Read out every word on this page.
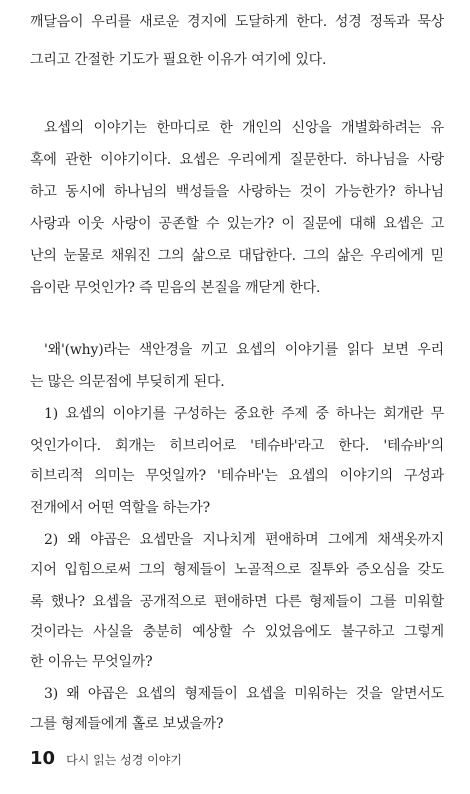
깨달음이 우리를 새로운 경지에 도달하게 한다. 성경 정독과 묵상
그리고 간절한 기도가 필요한 이유가 여기에 있다.
요셉의 이야기는 한마디로 한 개인의 신앙을 개별화하려는 유
혹에 관한 이야기이다. 요셉은 우리에게 질문한다. 하나님을 사랑
하고 동시에 하나님의 백성들을 사랑하는 것이 가능한가? 하나님
사랑과 이웃 사랑이 공존할 수 있는가? 이 질문에 대해 요셉은 고
난의 눈물로 채워진 그의 삶으로 대답한다. 그의 삶은 우리에게 믿
음이란 무엇인가? 즉 믿음의 본질을 깨닫게 한다.
'왜'(why)라는 색안경을 끼고 요셉의 이야기를 읽다 보면 우리
는 많은 의문점에 부딪히게 된다.
1) 요셉의 이야기를 구성하는 중요한 주제 중 하나는 회개란 무
엇인가이다. 회개는 히브리어로 '테슈바'라고 한다. '테슈바'의
히브리적 의미는 무엇일까? '테슈바'는 요셉의 이야기의 구성과
전개에서 어떤 역할을 하는가?
2) 왜 야곱은 요셉만을 지나치게 편애하며 그에게 채색옷까지
지어 입힘으로써 그의 형제들이 노골적으로 질투와 증오심을 갖도
록 했나? 요셉을 공개적으로 편애하면 다른 형제들이 그를 미워할
것이라는 사실을 충분히 예상할 수 있었음에도 불구하고 그렇게
한 이유는 무엇일까?
3) 왜 야곱은 요셉의 형제들이 요셉을 미워하는 것을 알면서도
그를 형제들에게 홀로 보냈을까?
10 다시 읽는 성경 이야기
